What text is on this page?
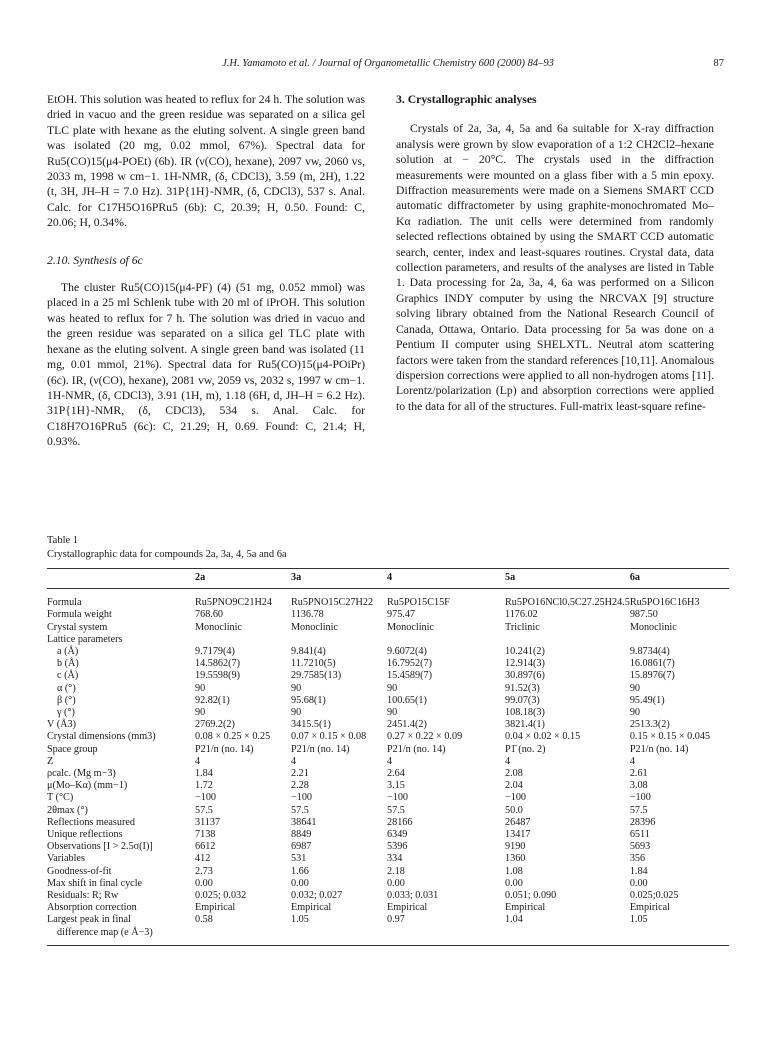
J.H. Yamamoto et al. / Journal of Organometallic Chemistry 600 (2000) 84–93	87

EtOH. This solution was heated to reflux for 24 h. The solution was dried in vacuo and the green residue was separated on a silica gel TLC plate with hexane as the eluting solvent. A single green band was isolated (20 mg, 0.02 mmol, 67%). Spectral data for Ru5(CO)15(μ4-POEt) (6b). IR (ν(CO), hexane), 2097 vw, 2060 vs, 2033 m, 1998 w cm−1. 1H-NMR, (δ, CDCl3), 3.59 (m, 2H), 1.22 (t, 3H, JH–H = 7.0 Hz). 31P{1H}-NMR, (δ, CDCl3), 537 s. Anal. Calc. for C17H5O16PRu5 (6b): C, 20.39; H, 0.50. Found: C, 20.06; H, 0.34%.

2.10. Synthesis of 6c

The cluster Ru5(CO)15(μ4-PF) (4) (51 mg, 0.052 mmol) was placed in a 25 ml Schlenk tube with 20 ml of iPrOH. This solution was heated to reflux for 7 h. The solution was dried in vacuo and the green residue was separated on a silica gel TLC plate with hexane as the eluting solvent. A single green band was isolated (11 mg, 0.01 mmol, 21%). Spectral data for Ru5(CO)15(μ4-POiPr) (6c). IR, (ν(CO), hexane), 2081 vw, 2059 vs, 2032 s, 1997 w cm−1. 1H-NMR, (δ, CDCl3), 3.91 (1H, m), 1.18 (6H, d, JH–H = 6.2 Hz). 31P{1H}-NMR, (δ, CDCl3), 534 s. Anal. Calc. for C18H7O16PRu5 (6c): C, 21.29; H, 0.69. Found: C, 21.4; H, 0.93%.

3. Crystallographic analyses

Crystals of 2a, 3a, 4, 5a and 6a suitable for X-ray diffraction analysis were grown by slow evaporation of a 1:2 CH2Cl2–hexane solution at − 20°C. The crystals used in the diffraction measurements were mounted on a glass fiber with a 5 min epoxy. Diffraction measurements were made on a Siemens SMART CCD automatic diffractometer by using graphite-monochromated Mo–Kα radiation. The unit cells were determined from randomly selected reflections obtained by using the SMART CCD automatic search, center, index and least-squares routines. Crystal data, data collection parameters, and results of the analyses are listed in Table 1. Data processing for 2a, 3a, 4, 6a was performed on a Silicon Graphics INDY computer by using the NRCVAX [9] structure solving library obtained from the National Research Council of Canada, Ottawa, Ontario. Data processing for 5a was done on a Pentium II computer using SHELXTL. Neutral atom scattering factors were taken from the standard references [10,11]. Anomalous dispersion corrections were applied to all non-hydrogen atoms [11]. Lorentz/polarization (Lp) and absorption corrections were applied to the data for all of the structures. Full-matrix least-square refine-

Table 1
Crystallographic data for compounds 2a, 3a, 4, 5a and 6a
	2a	3a	4	5a	6a
Formula	Ru5PNO9C21H24	Ru5PNO15C27H22	Ru5PO15C15F	Ru5PO16NCl0.5C27.25H24.5	Ru5PO16C16H3
Formula weight	768.60	1136.78	975.47	1176.02	987.50
Crystal system	Monoclinic	Monoclinic	Monoclinic	Triclinic	Monoclinic
Lattice parameters					
a (Å)	9.7179(4)	9.841(4)	9.6072(4)	10.241(2)	9.8734(4)
b (Å)	14.5862(7)	11.7210(5)	16.7952(7)	12.914(3)	16.0861(7)
c (Å)	19.5598(9)	29.7585(13)	15.4589(7)	30.897(6)	15.8976(7)
α (°)	90	90	90	91.52(3)	90
β (°)	92.82(1)	95.68(1)	100.65(1)	99.07(3)	95.49(1)
γ (°)	90	90	90	108.18(3)	90
V (Å3)	2769.2(2)	3415.5(1)	2451.4(2)	3821.4(1)	2513.3(2)
Crystal dimensions (mm3)	0.08 × 0.25 × 0.25	0.07 × 0.15 × 0.08	0.27 × 0.22 × 0.09	0.04 × 0.02 × 0.15	0.15 × 0.15 × 0.045
Space group	P21/n (no. 14)	P21/n (no. 14)	P21/n (no. 14)	P1̄ (no. 2)	P21/n (no. 14)
Z	4	4	4	4	4
ρcalc. (Mg m−3)	1.84	2.21	2.64	2.08	2.61
μ(Mo–Kα) (mm−1)	1.72	2.28	3.15	2.04	3.08
T (°C)	−100	−100	−100	−100	−100
2θmax (°)	57.5	57.5	57.5	50.0	57.5
Reflections measured	31137	38641	28166	26487	28396
Unique reflections	7138	8849	6349	13417	6511
Observations [I > 2.5σ(I)]	6612	6987	5396	9190	5693
Variables	412	531	334	1360	356
Goodness-of-fit	2.73	1.66	2.18	1.08	1.84
Max shift in final cycle	0.00	0.00	0.00	0.00	0.00
Residuals: R; Rw	0.025; 0.032	0.032; 0.027	0.033; 0.031	0.051; 0.090	0.025;0.025
Absorption correction	Empirical	Empirical	Empirical	Empirical	Empirical
Largest peak in final	0.58	1.05	0.97	1.04	1.05
difference map (e Å−3)					
